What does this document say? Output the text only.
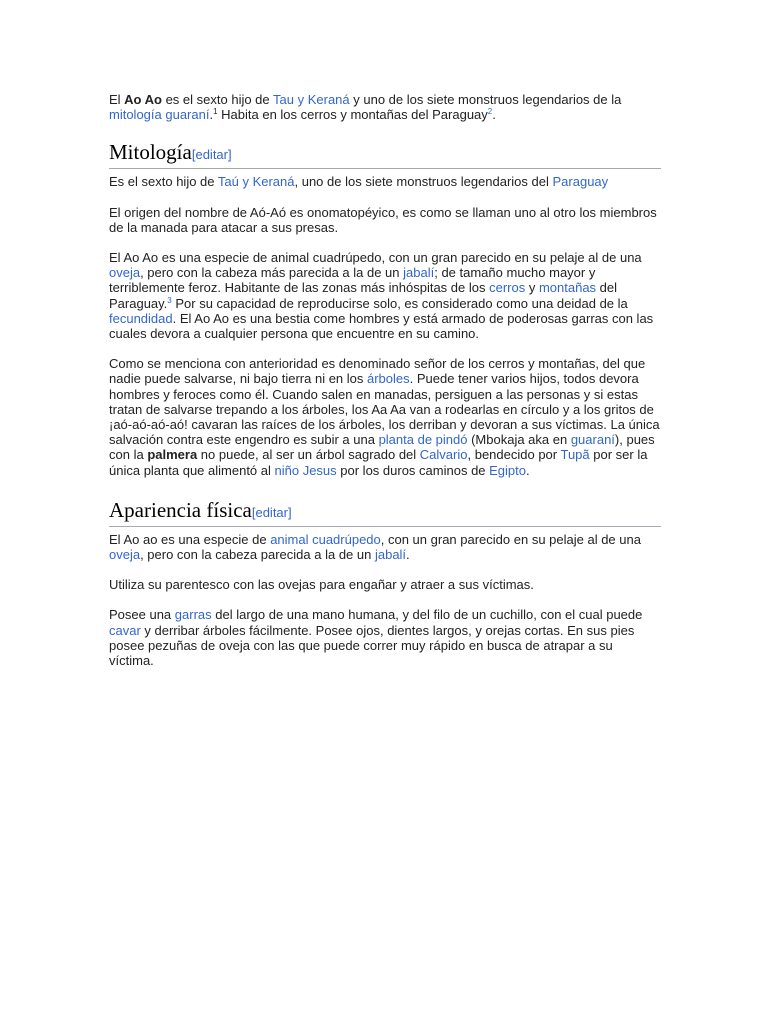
El Ao Ao es el sexto hijo de Tau y Keraná y uno de los siete monstruos legendarios de la mitología guaraní.$^1$ Habita en los cerros y montañas del Paraguay$^2$.

Mitología[editar]

Es el sexto hijo de Taú y Keraná, uno de los siete monstruos legendarios del Paraguay

El origen del nombre de Aó-Aó es onomatopéyico, es como se llaman uno al otro los miembros de la manada para atacar a sus presas.

El Ao Ao es una especie de animal cuadrúpedo, con un gran parecido en su pelaje al de una oveja, pero con la cabeza más parecida a la de un jabalí; de tamaño mucho mayor y terriblemente feroz. Habitante de las zonas más inhóspitas de los cerros y montañas del Paraguay.$^3$ Por su capacidad de reproducirse solo, es considerado como una deidad de la fecundidad. El Ao Ao es una bestia come hombres y está armado de poderosas garras con las cuales devora a cualquier persona que encuentre en su camino.

Como se menciona con anterioridad es denominado señor de los cerros y montañas, del que nadie puede salvarse, ni bajo tierra ni en los árboles. Puede tener varios hijos, todos devora hombres y feroces como él. Cuando salen en manadas, persiguen a las personas y si estas tratan de salvarse trepando a los árboles, los Aa Aa van a rodearlas en círculo y a los gritos de ¡aó-aó-aó-aó! cavaran las raíces de los árboles, los derriban y devoran a sus víctimas. La única salvación contra este engendro es subir a una planta de pindó (Mbokaja aka en guaraní), pues con la palmera no puede, al ser un árbol sagrado del Calvario, bendecido por Tupã por ser la única planta que alimentó al niño Jesus por los duros caminos de Egipto.

Apariencia física[editar]

El Ao ao es una especie de animal cuadrúpedo, con un gran parecido en su pelaje al de una oveja, pero con la cabeza parecida a la de un jabalí.

Utiliza su parentesco con las ovejas para engañar y atraer a sus víctimas.

Posee una garras del largo de una mano humana, y del filo de un cuchillo, con el cual puede cavar y derribar árboles fácilmente. Posee ojos, dientes largos, y orejas cortas. En sus pies posee pezuñas de oveja con las que puede correr muy rápido en busca de atrapar a su víctima.
